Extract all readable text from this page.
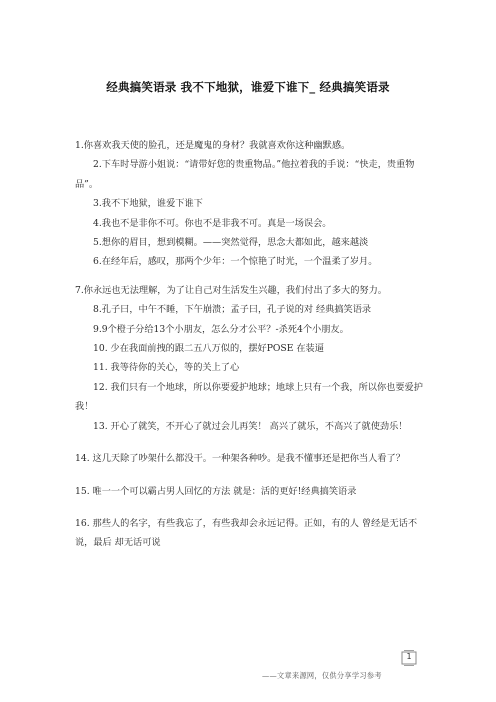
经典搞笑语录 我不下地狱，谁爱下谁下_ 经典搞笑语录

1.你喜欢我天使的脸孔，还是魔鬼的身材？我就喜欢你这种幽默感。

2.下车时导游小姐说：“请带好您的贵重物品。”他拉着我的手说：“快走，贵重物品”。

3.我不下地狱，谁爱下谁下

4.我也不是非你不可。你也不是非我不可。真是一场误会。

5.想你的眉目，想到模糊。——突然觉得，思念大都如此，越来越淡

6.在经年后，感叹，那两个少年：一个惊艳了时光，一个温柔了岁月。

7.你永远也无法理解，为了让自己对生活发生兴趣，我们付出了多大的努力。

8.孔子曰，中午不睡，下午崩溃；孟子曰，孔子说的对 经典搞笑语录

9.9个橙子分给13个小朋友，怎么分才公平？-杀死4个小朋友。

10. 少在我面前拽的跟二五八万似的，摆好POSE 在装逼

11. 我等待你的关心，等的关上了心

12. 我们只有一个地球，所以你要爱护地球；地球上只有一个我，所以你也要爱护我！

13. 开心了就笑，不开心了就过会儿再笑！ 高兴了就乐，不高兴了就使劲乐！

14. 这几天除了吵架什么都没干。一种架各种吵。是我不懂事还是把你当人看了？

15. 唯一一个可以霸占男人回忆的方法 就是：活的更好!经典搞笑语录

16. 那些人的名字，有些我忘了，有些我却会永远记得。正如，有的人 曾经是无话不说，最后 却无话可说

1
——文章来源网，仅供分享学习参考
